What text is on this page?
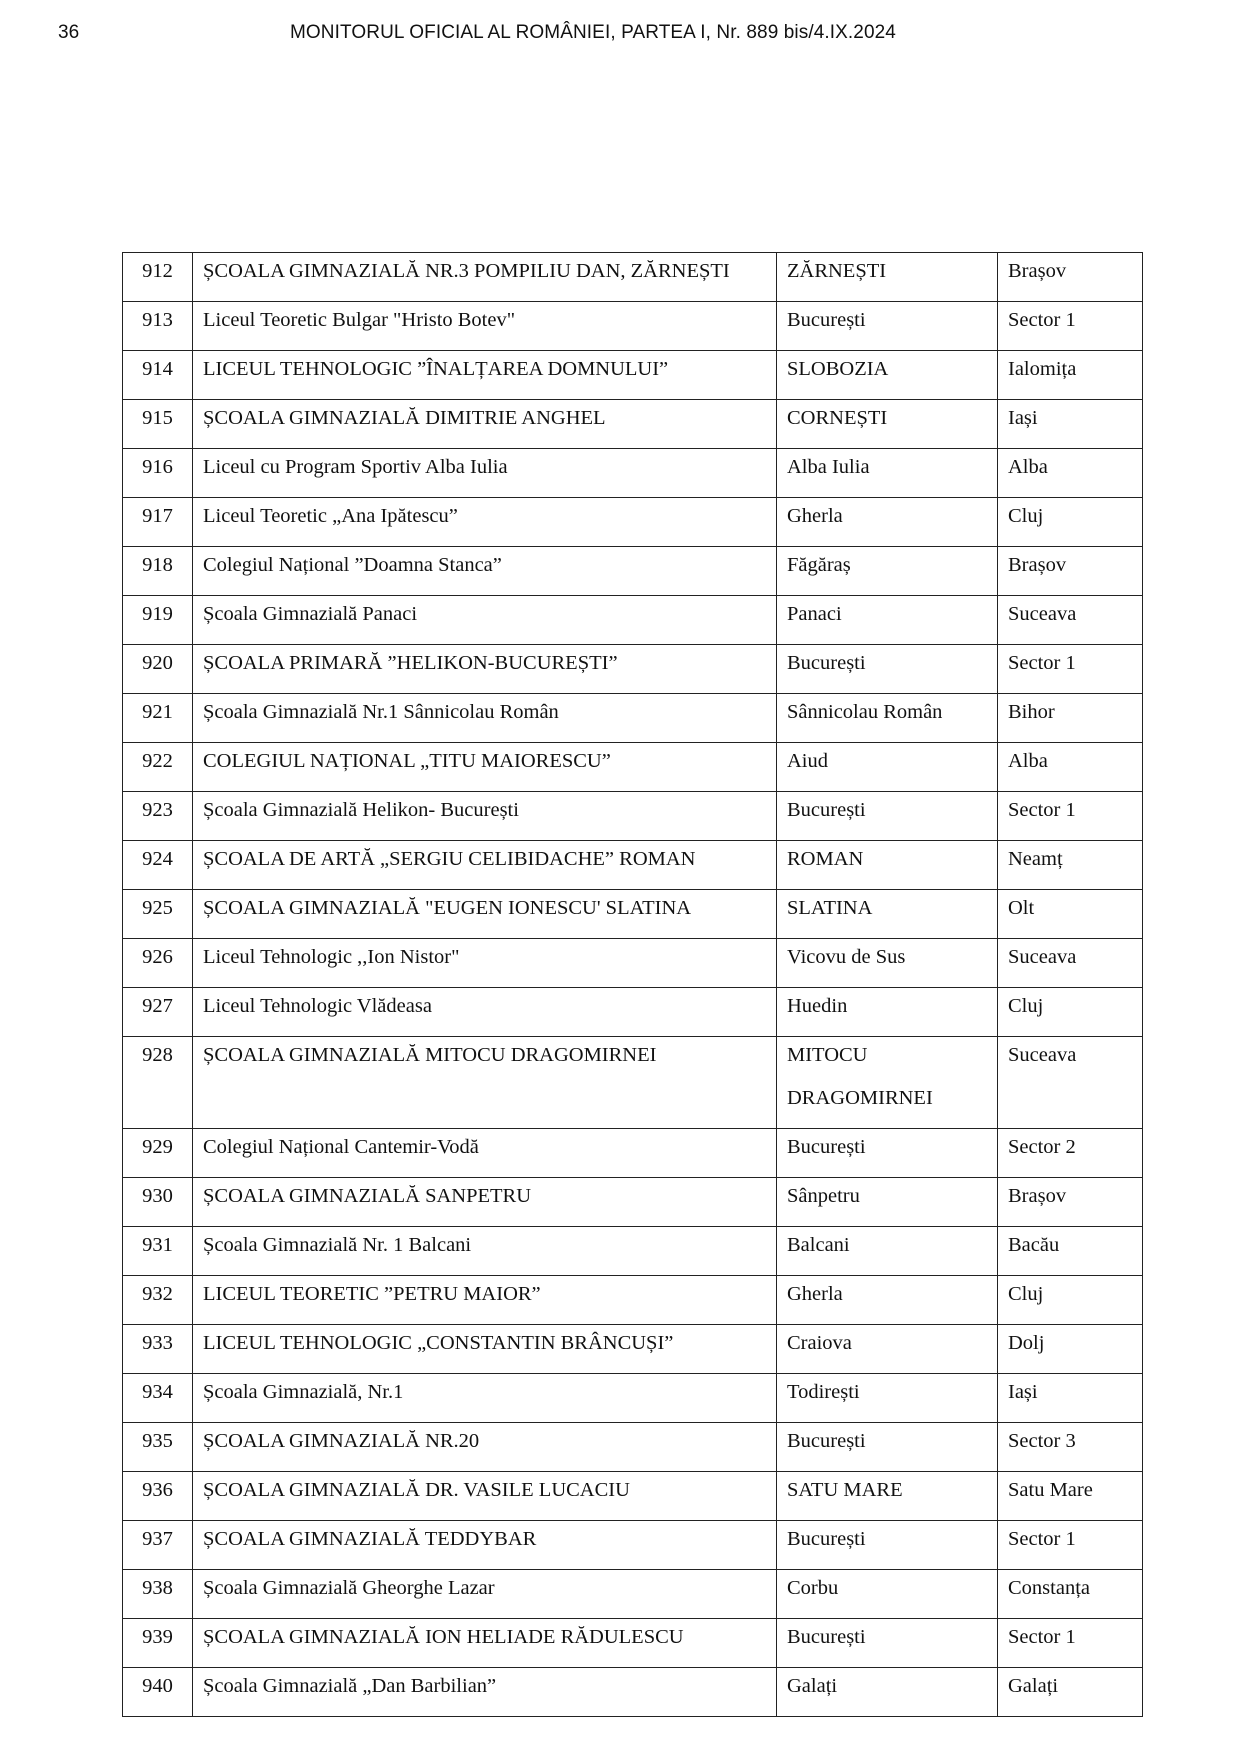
36	MONITORUL OFICIAL AL ROMÂNIEI, PARTEA I, Nr. 889 bis/4.IX.2024
912	ȘCOALA GIMNAZIALĂ NR.3 POMPILIU DAN, ZĂRNEȘTI	ZĂRNEȘTI	Brașov

913	Liceul Teoretic Bulgar "Hristo Botev"	București	Sector 1

914	LICEUL TEHNOLOGIC ”ÎNALȚAREA DOMNULUI”	SLOBOZIA	Ialomița

915	ȘCOALA GIMNAZIALĂ DIMITRIE ANGHEL	CORNEȘTI	Iași

916	Liceul cu Program Sportiv Alba Iulia	Alba Iulia	Alba

917	Liceul Teoretic „Ana Ipătescu”	Gherla	Cluj

918	Colegiul Național ”Doamna Stanca”	Făgăraș	Brașov

919	Școala Gimnazială Panaci	Panaci	Suceava

920	ȘCOALA PRIMARĂ ”HELIKON-BUCUREȘTI”	București	Sector 1

921	Școala Gimnazială Nr.1 Sânnicolau Român	Sânnicolau Român	Bihor

922	COLEGIUL NAȚIONAL „TITU MAIORESCU”	Aiud	Alba

923	Școala Gimnazială Helikon- București	București	Sector 1

924	ȘCOALA DE ARTĂ „SERGIU CELIBIDACHE” ROMAN	ROMAN	Neamț

925	ȘCOALA GIMNAZIALĂ "EUGEN IONESCU' SLATINA	SLATINA	Olt

926	Liceul Tehnologic ,,Ion Nistor"	Vicovu de Sus	Suceava

927	Liceul Tehnologic Vlădeasa	Huedin	Cluj

928	ȘCOALA GIMNAZIALĂ MITOCU DRAGOMIRNEI	MITOCU DRAGOMIRNEI	Suceava

929	Colegiul Național Cantemir-Vodă	București	Sector 2

930	ȘCOALA GIMNAZIALĂ SANPETRU	Sânpetru	Brașov

931	Școala Gimnazială Nr. 1 Balcani	Balcani	Bacău

932	LICEUL TEORETIC ”PETRU MAIOR”	Gherla	Cluj

933	LICEUL TEHNOLOGIC „CONSTANTIN BRÂNCUȘI”	Craiova	Dolj

934	Școala Gimnazială, Nr.1	Todirești	Iași

935	ȘCOALA GIMNAZIALĂ NR.20	București	Sector 3

936	ȘCOALA GIMNAZIALĂ DR. VASILE LUCACIU	SATU MARE	Satu Mare

937	ȘCOALA GIMNAZIALĂ TEDDYBAR	București	Sector 1

938	Școala Gimnazială Gheorghe Lazar	Corbu	Constanța

939	ȘCOALA GIMNAZIALĂ ION HELIADE RĂDULESCU	București	Sector 1

940	Școala Gimnazială „Dan Barbilian”	Galați	Galați
